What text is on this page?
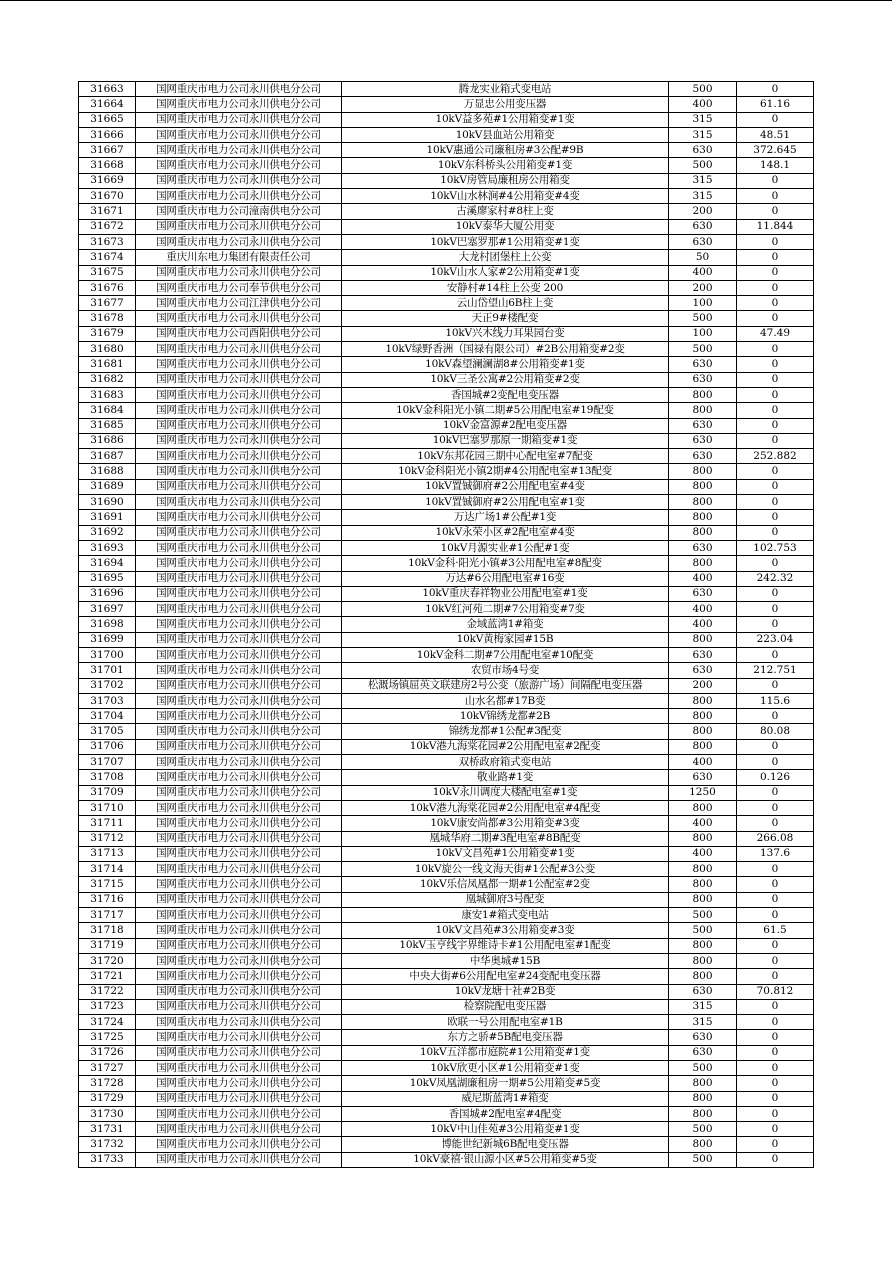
31663	国网重庆市电力公司永川供电分公司	腾龙实业箱式变电站	500	0
31664	国网重庆市电力公司永川供电分公司	万显忠公用变压器	400	61.16
31665	国网重庆市电力公司永川供电分公司	10kV益多苑#1公用箱变#1变	315	0
31666	国网重庆市电力公司永川供电分公司	10kV县血站公用箱变	315	48.51
31667	国网重庆市电力公司永川供电分公司	10kV惠通公司廉租房#3公配#9B	630	372.645
31668	国网重庆市电力公司永川供电分公司	10kV东科桥头公用箱变#1变	500	148.1
31669	国网重庆市电力公司永川供电分公司	10kV房管局廉租房公用箱变	315	0
31670	国网重庆市电力公司永川供电分公司	10kV山水林涧#4公用箱变#4变	315	0
31671	国网重庆市电力公司潼南供电分公司	古溪廖家村#8柱上变	200	0
31672	国网重庆市电力公司永川供电分公司	10kV泰华大厦公用变	630	11.844
31673	国网重庆市电力公司永川供电分公司	10kV巴塞罗那#1公用箱变#1变	630	0
31674	重庆川东电力集团有限责任公司	大龙村团堡柱上公变	50	0
31675	国网重庆市电力公司永川供电分公司	10kV山水人家#2公用箱变#1变	400	0
31676	国网重庆市电力公司奉节供电分公司	安静村#14柱上公变 200	200	0
31677	国网重庆市电力公司江津供电分公司	云山岱望山6B柱上变	100	0
31678	国网重庆市电力公司永川供电分公司	天正9#楼配变	500	0
31679	国网重庆市电力公司酉阳供电分公司	10kV兴木线力耳果园台变	100	47.49
31680	国网重庆市电力公司永川供电分公司	10kV绿野香洲（国禄有限公司）#2B公用箱变#2变	500	0
31681	国网重庆市电力公司永川供电分公司	10kV森望澜澜湖8#公用箱变#1变	630	0
31682	国网重庆市电力公司永川供电分公司	10kV三圣公寓#2公用箱变#2变	630	0
31683	国网重庆市电力公司永川供电分公司	香国城#2变配电变压器	800	0
31684	国网重庆市电力公司永川供电分公司	10kV金科阳光小镇二期#5公用配电室#19配变	800	0
31685	国网重庆市电力公司永川供电分公司	10kV金富源#2配电变压器	630	0
31686	国网重庆市电力公司永川供电分公司	10kV巴塞罗那原一期箱变#1变	630	0
31687	国网重庆市电力公司永川供电分公司	10kV东邦花园三期中心配电室#7配变	630	252.882
31688	国网重庆市电力公司永川供电分公司	10kV金科阳光小镇2期#4公用配电室#13配变	800	0
31689	国网重庆市电力公司永川供电分公司	10kV置铖御府#2公用配电室#4变	800	0
31690	国网重庆市电力公司永川供电分公司	10kV置铖御府#2公用配电室#1变	800	0
31691	国网重庆市电力公司永川供电分公司	万达广场1#公配#1变	800	0
31692	国网重庆市电力公司永川供电分公司	10kV永荣小区#2配电室#4变	800	0
31693	国网重庆市电力公司永川供电分公司	10kV月源实业#1公配#1变	630	102.753
31694	国网重庆市电力公司永川供电分公司	10kV金科·阳光小镇#3公用配电室#8配变	800	0
31695	国网重庆市电力公司永川供电分公司	万达#6公用配电室#16变	400	242.32
31696	国网重庆市电力公司永川供电分公司	10kV重庆春祥物业公用配电室#1变	630	0
31697	国网重庆市电力公司永川供电分公司	10kV红河苑二期#7公用箱变#7变	400	0
31698	国网重庆市电力公司永川供电分公司	金域蓝湾1#箱变	400	0
31699	国网重庆市电力公司永川供电分公司	10kV黄梅家园#15B	800	223.04
31700	国网重庆市电力公司永川供电分公司	10kV金科二期#7公用配电室#10配变	630	0
31701	国网重庆市电力公司永川供电分公司	农贸市场4号变	630	212.751
31702	国网重庆市电力公司永川供电分公司	松溉场镇屈英文联建房2号公变（旅游广场）间隔配电变压器	200	0
31703	国网重庆市电力公司永川供电分公司	山水名都#17B变	800	115.6
31704	国网重庆市电力公司永川供电分公司	10kV锦绣龙都#2B	800	0
31705	国网重庆市电力公司永川供电分公司	锦绣龙都#1公配#3配变	800	80.08
31706	国网重庆市电力公司永川供电分公司	10kV港九海棠花园#2公用配电室#2配变	800	0
31707	国网重庆市电力公司永川供电分公司	双桥政府箱式变电站	400	0
31708	国网重庆市电力公司永川供电分公司	敬业路#1变	630	0.126
31709	国网重庆市电力公司永川供电分公司	10kV永川调度大楼配电室#1变	1250	0
31710	国网重庆市电力公司永川供电分公司	10kV港九海棠花园#2公用配电室#4配变	800	0
31711	国网重庆市电力公司永川供电分公司	10kV康安尚都#3公用箱变#3变	400	0
31712	国网重庆市电力公司永川供电分公司	凰城华府二期#3配电室#8B配变	800	266.08
31713	国网重庆市电力公司永川供电分公司	10kV文昌苑#1公用箱变#1变	400	137.6
31714	国网重庆市电力公司永川供电分公司	10kV旋公一线文海天街#1公配#3公变	800	0
31715	国网重庆市电力公司永川供电分公司	10kV乐信凤凰都一期#1公配室#2变	800	0
31716	国网重庆市电力公司永川供电分公司	凰城御府3号配变	800	0
31717	国网重庆市电力公司永川供电分公司	康安1#箱式变电站	500	0
31718	国网重庆市电力公司永川供电分公司	10kV文昌苑#3公用箱变#3变	500	61.5
31719	国网重庆市电力公司永川供电分公司	10kV玉亨线宇界维诗卡#1公用配电室#1配变	800	0
31720	国网重庆市电力公司永川供电分公司	中华奥城#15B	800	0
31721	国网重庆市电力公司永川供电分公司	中央大街#6公用配电室#24变配电变压器	800	0
31722	国网重庆市电力公司永川供电分公司	10kV龙塘十社#2B变	630	70.812
31723	国网重庆市电力公司永川供电分公司	检察院配电变压器	315	0
31724	国网重庆市电力公司永川供电分公司	欧联一号公用配电室#1B	315	0
31725	国网重庆市电力公司永川供电分公司	东方之骄#5B配电变压器	630	0
31726	国网重庆市电力公司永川供电分公司	10kV五洋都市庭院#1公用箱变#1变	630	0
31727	国网重庆市电力公司永川供电分公司	10kV欣更小区#1公用箱变#1变	500	0
31728	国网重庆市电力公司永川供电分公司	10kV凤凰湖廉租房一期#5公用箱变#5变	800	0
31729	国网重庆市电力公司永川供电分公司	威尼斯蓝湾1#箱变	800	0
31730	国网重庆市电力公司永川供电分公司	香国城#2配电室#4配变	800	0
31731	国网重庆市电力公司永川供电分公司	10kV中山佳苑#3公用箱变#1变	500	0
31732	国网重庆市电力公司永川供电分公司	博能世纪新城6B配电变压器	800	0
31733	国网重庆市电力公司永川供电分公司	10kV豪禧·银山源小区#5公用箱变#5变	500	0
